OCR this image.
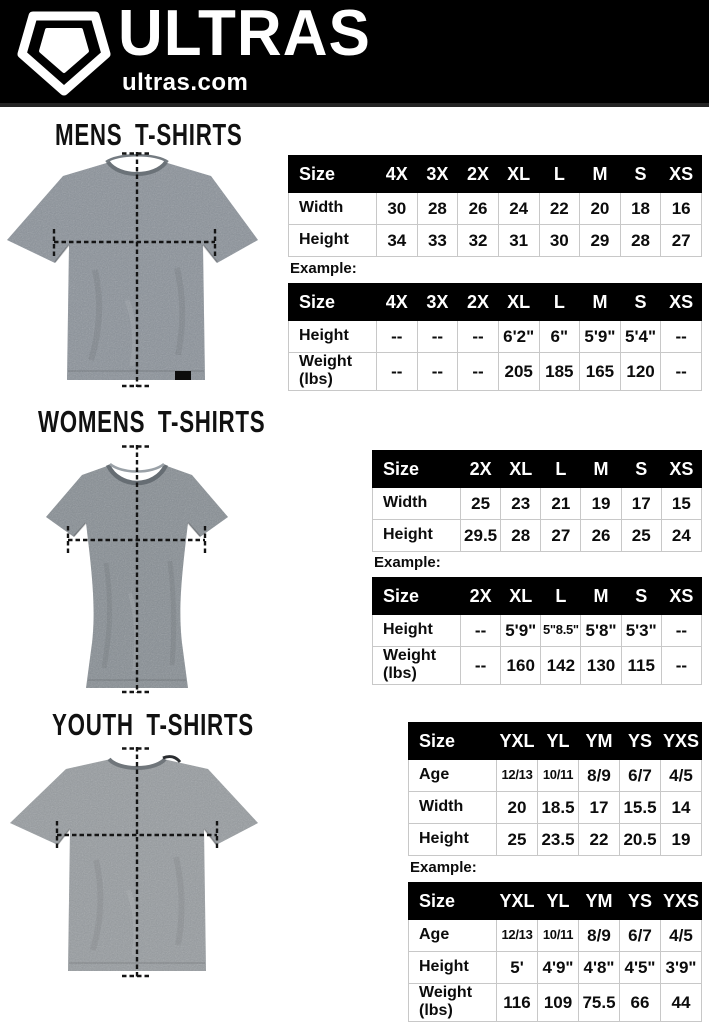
ULTRAS
ultras.com
MENS T-SHIRTS
Size	4X	3X	2X	XL	L	M	S	XS
Width	30	28	26	24	22	20	18	16
Height	34	33	32	31	30	29	28	27
Example:
Size	4X	3X	2X	XL	L	M	S	XS
Height	--	--	--	6'2"	6"	5'9"	5'4"	--
Weight (lbs)	--	--	--	205	185	165	120	--
WOMENS T-SHIRTS
Size	2X	XL	L	M	S	XS
Width	25	23	21	19	17	15
Height	29.5	28	27	26	25	24
Example:
Size	2X	XL	L	M	S	XS
Height	--	5'9"	5"8.5"	5'8"	5'3"	--
Weight (lbs)	--	160	142	130	115	--
YOUTH T-SHIRTS	Size	YXL	YL	YM	YS	YXS
Age	12/13	10/11	8/9	6/7	4/5
Width	20	18.5	17	15.5	14
Height	25	23.5	22	20.5	19
Example:
Size	YXL	YL	YM	YS	YXS
Age	12/13	10/11	8/9	6/7	4/5
Height	5'	4'9"	4'8"	4'5"	3'9"
Weight (lbs)	116	109	75.5	66	44
